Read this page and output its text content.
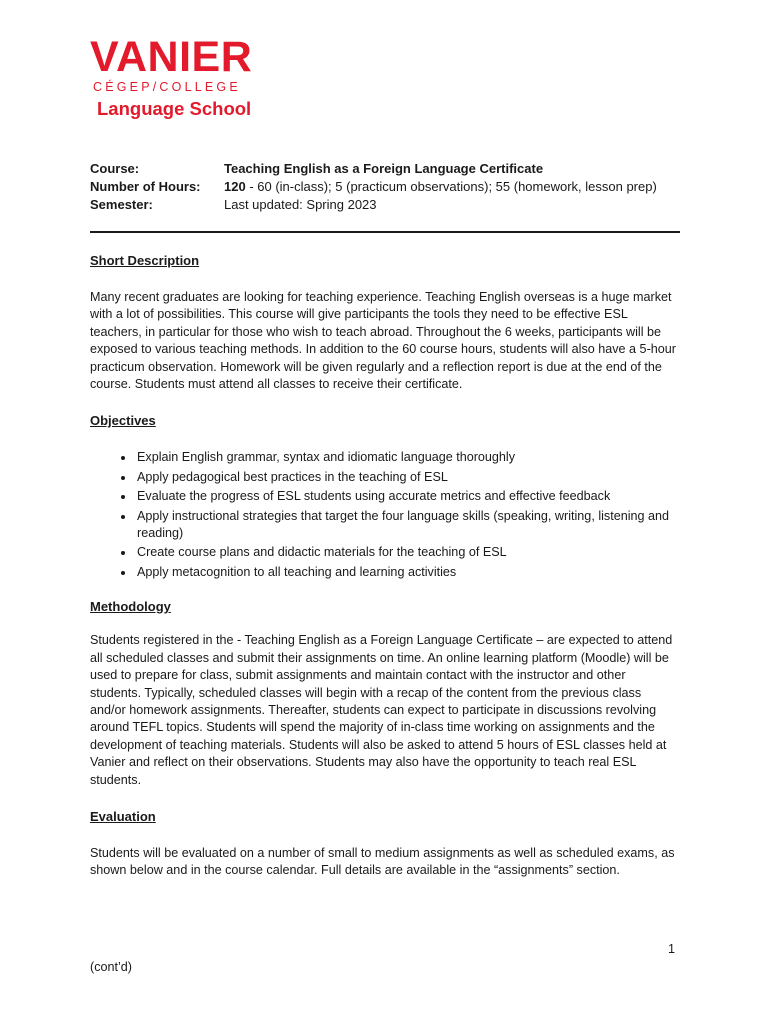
VANIER
CÉGEP/COLLEGE
Language School
Course:	Teaching English as a Foreign Language Certificate
Number of Hours:	120 - 60 (in-class); 5 (practicum observations); 55 (homework, lesson prep)
Semester:	Last updated: Spring 2023
Short Description

Many recent graduates are looking for teaching experience. Teaching English overseas is a huge market with a lot of possibilities. This course will give participants the tools they need to be effective ESL teachers, in particular for those who wish to teach abroad. Throughout the 6 weeks, participants will be exposed to various teaching methods. In addition to the 60 course hours, students will also have a 5-hour practicum observation. Homework will be given regularly and a reflection report is due at the end of the course. Students must attend all classes to receive their certificate.

Objectives
• Explain English grammar, syntax and idiomatic language thoroughly
• Apply pedagogical best practices in the teaching of ESL
• Evaluate the progress of ESL students using accurate metrics and effective feedback
• Apply instructional strategies that target the four language skills (speaking, writing, listening and reading)
• Create course plans and didactic materials for the teaching of ESL
• Apply metacognition to all teaching and learning activities
Methodology

Students registered in the - Teaching English as a Foreign Language Certificate – are expected to attend all scheduled classes and submit their assignments on time. An online learning platform (Moodle) will be used to prepare for class, submit assignments and maintain contact with the instructor and other students. Typically, scheduled classes will begin with a recap of the content from the previous class and/or homework assignments. Thereafter, students can expect to participate in discussions revolving around TEFL topics. Students will spend the majority of in-class time working on assignments and the development of teaching materials. Students will also be asked to attend 5 hours of ESL classes held at Vanier and reflect on their observations. Students may also have the opportunity to teach real ESL students.

Evaluation

Students will be evaluated on a number of small to medium assignments as well as scheduled exams, as shown below and in the course calendar. Full details are available in the “assignments” section.

1
(cont’d)
